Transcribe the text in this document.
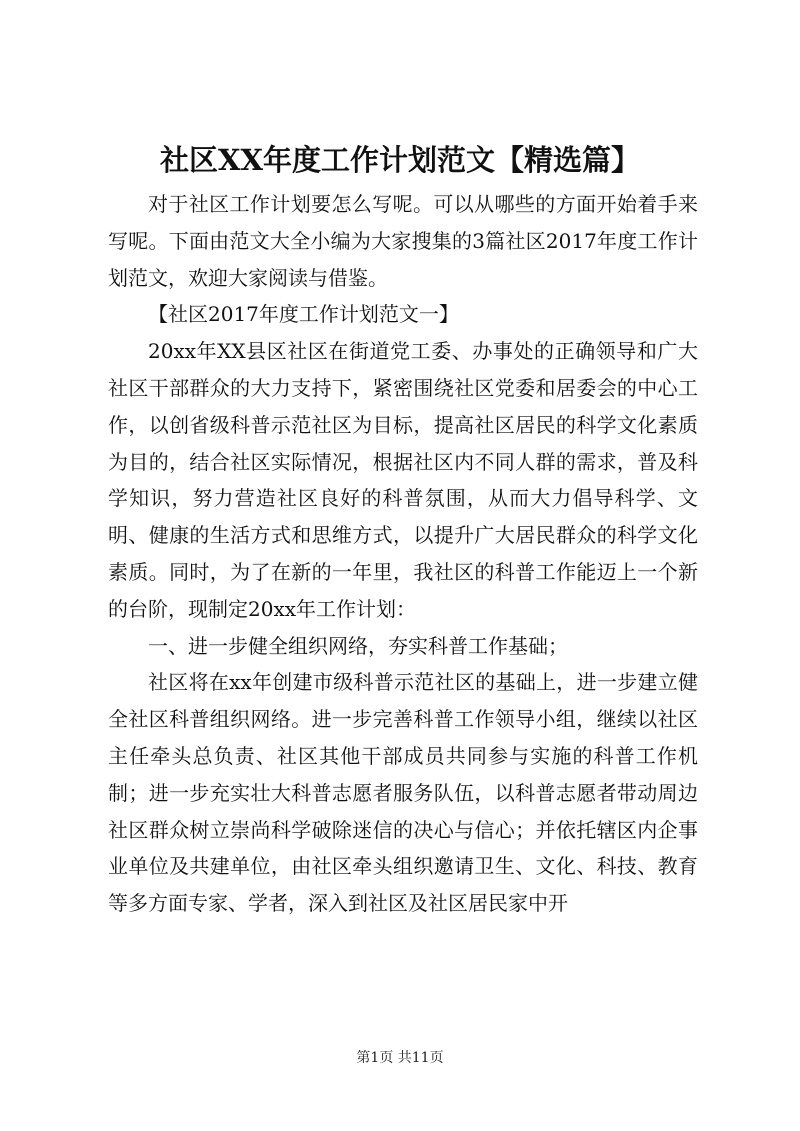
社区XX年度工作计划范文【精选篇】

对于社区工作计划要怎么写呢。可以从哪些的方面开始着手来写呢。下面由范文大全小编为大家搜集的3篇社区2017年度工作计划范文，欢迎大家阅读与借鉴。

【社区2017年度工作计划范文一】

20xx年XX县区社区在街道党工委、办事处的正确领导和广大社区干部群众的大力支持下，紧密围绕社区党委和居委会的中心工作，以创省级科普示范社区为目标，提高社区居民的科学文化素质为目的，结合社区实际情况，根据社区内不同人群的需求，普及科学知识，努力营造社区良好的科普氛围，从而大力倡导科学、文明、健康的生活方式和思维方式，以提升广大居民群众的科学文化素质。同时，为了在新的一年里，我社区的科普工作能迈上一个新的台阶，现制定20xx年工作计划：

一、进一步健全组织网络，夯实科普工作基础；

社区将在xx年创建市级科普示范社区的基础上，进一步建立健全社区科普组织网络。进一步完善科普工作领导小组，继续以社区主任牵头总负责、社区其他干部成员共同参与实施的科普工作机制；进一步充实壮大科普志愿者服务队伍，以科普志愿者带动周边社区群众树立崇尚科学破除迷信的决心与信心；并依托辖区内企事业单位及共建单位，由社区牵头组织邀请卫生、文化、科技、教育等多方面专家、学者，深入到社区及社区居民家中开

第1页 共11页
